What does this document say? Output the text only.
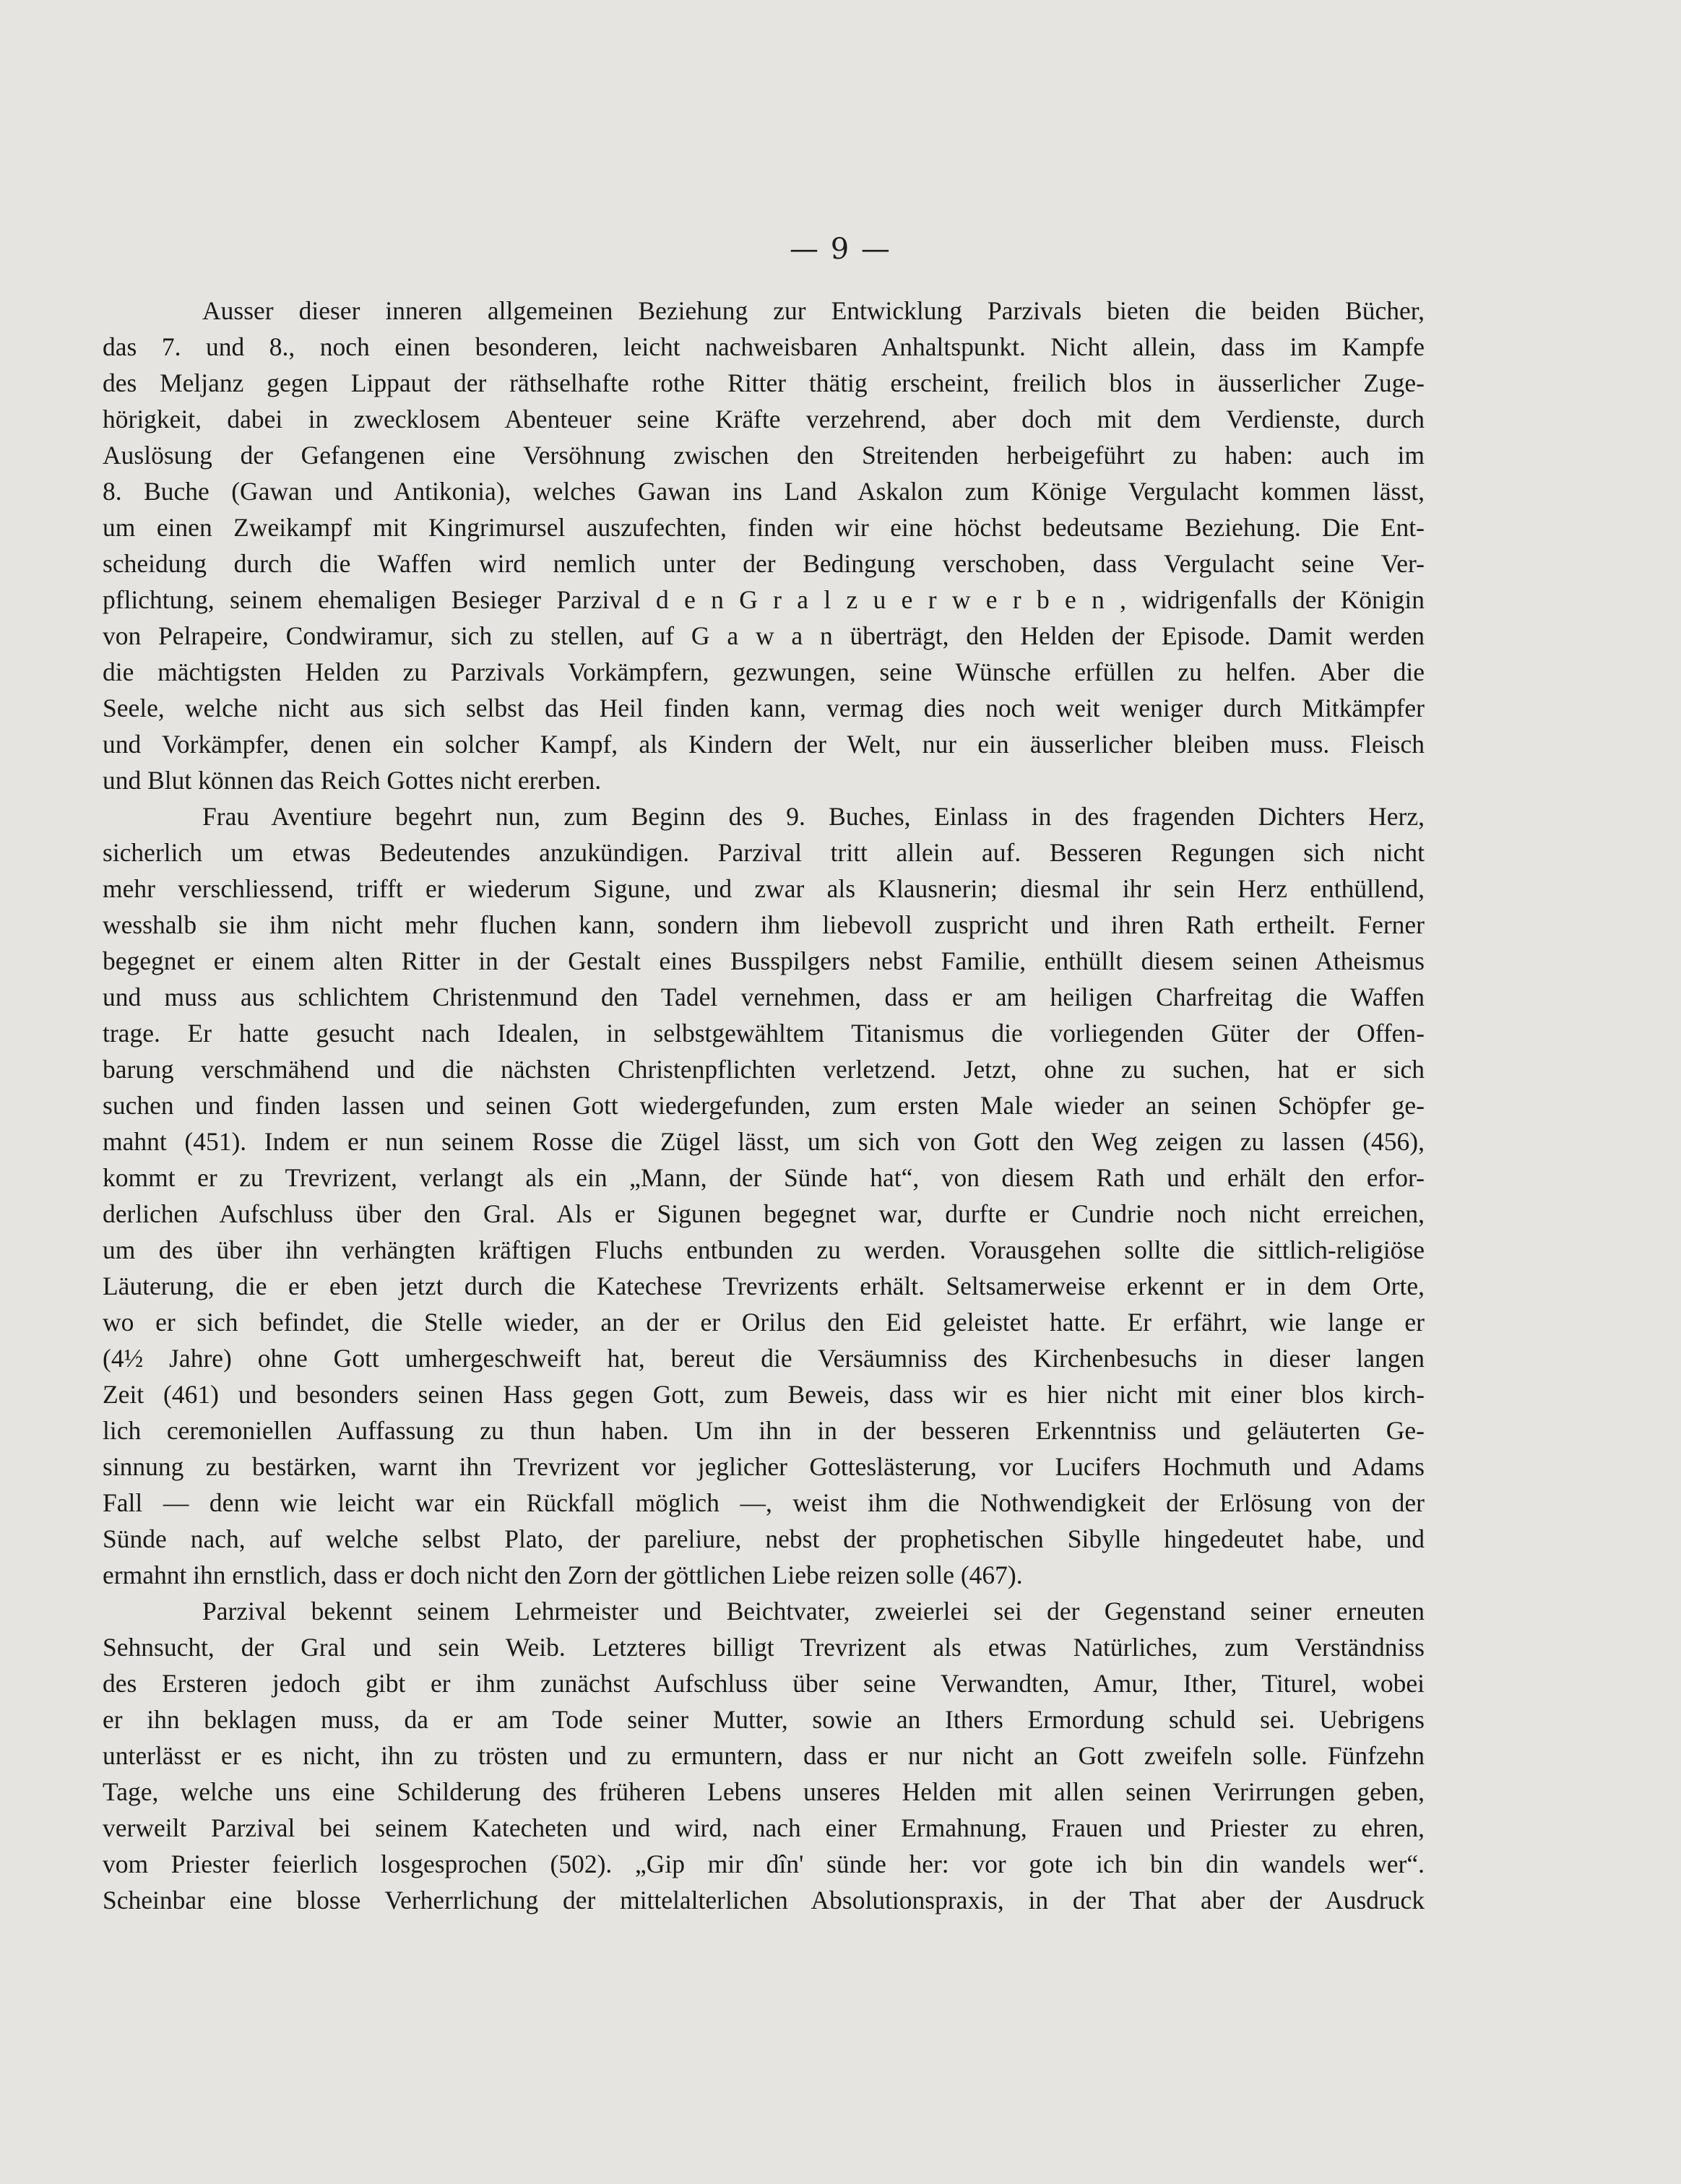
— 9 —
Ausser dieser inneren allgemeinen Beziehung zur Entwicklung Parzivals bieten die beiden Bücher,
das 7. und 8., noch einen besonderen, leicht nachweisbaren Anhaltspunkt. Nicht allein, dass im Kampfe
des Meljanz gegen Lippaut der räthselhafte rothe Ritter thätig erscheint, freilich blos in äusserlicher Zuge-
hörigkeit, dabei in zwecklosem Abenteuer seine Kräfte verzehrend, aber doch mit dem Verdienste, durch
Auslösung der Gefangenen eine Versöhnung zwischen den Streitenden herbeigeführt zu haben: auch im
8. Buche (Gawan und Antikonia), welches Gawan ins Land Askalon zum Könige Vergulacht kommen lässt,
um einen Zweikampf mit Kingrimursel auszufechten, finden wir eine höchst bedeutsame Beziehung. Die Ent-
scheidung durch die Waffen wird nemlich unter der Bedingung verschoben, dass Vergulacht seine Ver-
pflichtung, seinem ehemaligen Besieger Parzival d e n G r a l z u e r w e r b e n , widrigenfalls der Königin
von Pelrapeire, Condwiramur, sich zu stellen, auf G a w a n überträgt, den Helden der Episode. Damit werden
die mächtigsten Helden zu Parzivals Vorkämpfern, gezwungen, seine Wünsche erfüllen zu helfen. Aber die
Seele, welche nicht aus sich selbst das Heil finden kann, vermag dies noch weit weniger durch Mitkämpfer
und Vorkämpfer, denen ein solcher Kampf, als Kindern der Welt, nur ein äusserlicher bleiben muss. Fleisch
und Blut können das Reich Gottes nicht ererben.
Frau Aventiure begehrt nun, zum Beginn des 9. Buches, Einlass in des fragenden Dichters Herz,
sicherlich um etwas Bedeutendes anzukündigen. Parzival tritt allein auf. Besseren Regungen sich nicht
mehr verschliessend, trifft er wiederum Sigune, und zwar als Klausnerin; diesmal ihr sein Herz enthüllend,
wesshalb sie ihm nicht mehr fluchen kann, sondern ihm liebevoll zuspricht und ihren Rath ertheilt. Ferner
begegnet er einem alten Ritter in der Gestalt eines Busspilgers nebst Familie, enthüllt diesem seinen Atheismus
und muss aus schlichtem Christenmund den Tadel vernehmen, dass er am heiligen Charfreitag die Waffen
trage. Er hatte gesucht nach Idealen, in selbstgewähltem Titanismus die vorliegenden Güter der Offen-
barung verschmähend und die nächsten Christenpflichten verletzend. Jetzt, ohne zu suchen, hat er sich
suchen und finden lassen und seinen Gott wiedergefunden, zum ersten Male wieder an seinen Schöpfer ge-
mahnt (451). Indem er nun seinem Rosse die Zügel lässt, um sich von Gott den Weg zeigen zu lassen (456),
kommt er zu Trevrizent, verlangt als ein „Mann, der Sünde hat“, von diesem Rath und erhält den erfor-
derlichen Aufschluss über den Gral. Als er Sigunen begegnet war, durfte er Cundrie noch nicht erreichen,
um des über ihn verhängten kräftigen Fluchs entbunden zu werden. Vorausgehen sollte die sittlich-religiöse
Läuterung, die er eben jetzt durch die Katechese Trevrizents erhält. Seltsamerweise erkennt er in dem Orte,
wo er sich befindet, die Stelle wieder, an der er Orilus den Eid geleistet hatte. Er erfährt, wie lange er
(4½ Jahre) ohne Gott umhergeschweift hat, bereut die Versäumniss des Kirchenbesuchs in dieser langen
Zeit (461) und besonders seinen Hass gegen Gott, zum Beweis, dass wir es hier nicht mit einer blos kirch-
lich ceremoniellen Auffassung zu thun haben. Um ihn in der besseren Erkenntniss und geläuterten Ge-
sinnung zu bestärken, warnt ihn Trevrizent vor jeglicher Gotteslästerung, vor Lucifers Hochmuth und Adams
Fall — denn wie leicht war ein Rückfall möglich —, weist ihm die Nothwendigkeit der Erlösung von der
Sünde nach, auf welche selbst Plato, der pareliure, nebst der prophetischen Sibylle hingedeutet habe, und
ermahnt ihn ernstlich, dass er doch nicht den Zorn der göttlichen Liebe reizen solle (467).
Parzival bekennt seinem Lehrmeister und Beichtvater, zweierlei sei der Gegenstand seiner erneuten
Sehnsucht, der Gral und sein Weib. Letzteres billigt Trevrizent als etwas Natürliches, zum Verständniss
des Ersteren jedoch gibt er ihm zunächst Aufschluss über seine Verwandten, Amur, Ither, Titurel, wobei
er ihn beklagen muss, da er am Tode seiner Mutter, sowie an Ithers Ermordung schuld sei. Uebrigens
unterlässt er es nicht, ihn zu trösten und zu ermuntern, dass er nur nicht an Gott zweifeln solle. Fünfzehn
Tage, welche uns eine Schilderung des früheren Lebens unseres Helden mit allen seinen Verirrungen geben,
verweilt Parzival bei seinem Katecheten und wird, nach einer Ermahnung, Frauen und Priester zu ehren,
vom Priester feierlich losgesprochen (502). „Gip mir dîn' sünde her: vor gote ich bin din wandels wer“.
Scheinbar eine blosse Verherrlichung der mittelalterlichen Absolutionspraxis, in der That aber der Ausdruck
